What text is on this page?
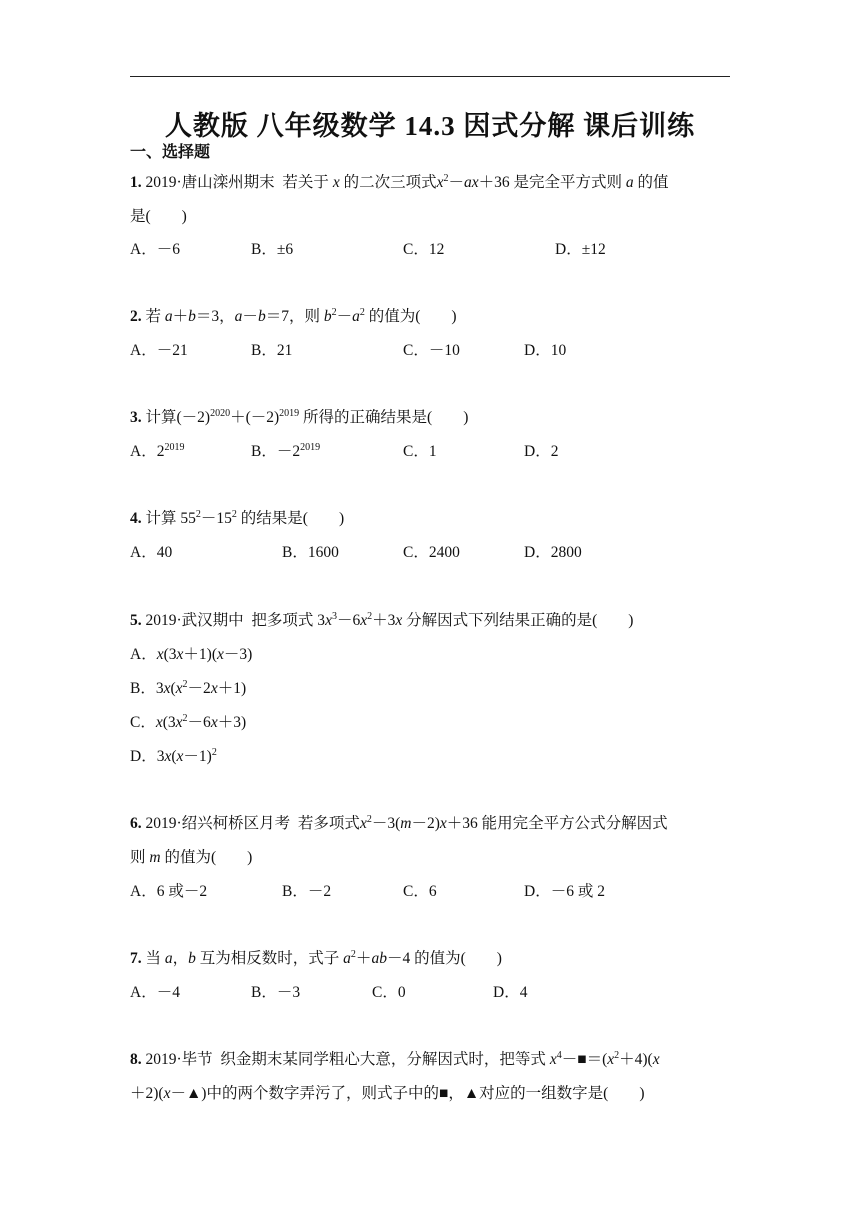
人教版 八年级数学 14.3 因式分解 课后训练
一、选择题
1. 2019·唐山滦州期末 若关于 x 的二次三项式$x^2-ax+36$ 是完全平方式则 a 的值
是(　　)
A．－6	B．±6	C．12	D．±12
2. 若 a＋b＝3，a－b＝7，则 $b^2-a^2$ 的值为(　　)
A．－21	B．21	C．－10	D．10
3. 计算$(-2)^{2020}+(-2)^{2019}$ 所得的正确结果是(　　)
A．$2^{2019}$	B．$-2^{2019}$	C．1	D．2
4. 计算 $55^2-15^2$ 的结果是(　　)
A．40	B．1600	C．2400	D．2800
5. 2019·武汉期中 把多项式 $3x^3-6x^2+3x$ 分解因式下列结果正确的是(　　)
A．x(3x＋1)(x－3)
B．$3x(x^2-2x+1)$
C．$x(3x^2-6x+3)$
D．$3x(x-1)^2$
6. 2019·绍兴柯桥区月考 若多项式$x^2-3(m-2)x+36$ 能用完全平方公式分解因式
则 m 的值为(　　)
A．6 或－2	B．－2	C．6	D．－6 或 2
7. 当 a，b 互为相反数时，式子 $a^2+ab-4$ 的值为(　　)
A．－4	B．－3	C．0	D．4
8. 2019·毕节 织金期末某同学粗心大意，分解因式时，把等式 $x^4-■=(x^2+4)(x$
＋2)(x－▲)中的两个数字弄污了，则式子中的■，▲对应的一组数字是(　　)
